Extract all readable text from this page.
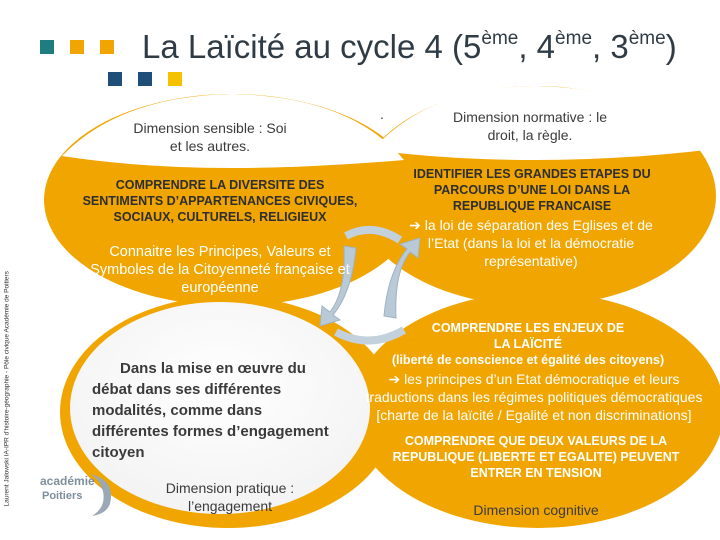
La Laïcité au cycle 4 (5ème, 4ème, 3ème)
Laurent Jalowski IA-IPR d'histoire-géographie - Pôle civique Académie de Poitiers
Dimension sensible : Soi et les autres.
COMPRENDRE LA DIVERSITE DES SENTIMENTS D’APPARTENANCES CIVIQUES, SOCIAUX, CULTURELS, RELIGIEUX
Connaitre les Principes, Valeurs et Symboles de la Citoyenneté française et européenne
.	Dimension normative : le droit, la règle.
IDENTIFIER LES GRANDES ETAPES DU PARCOURS D’UNE LOI DANS LA REPUBLIQUE FRANCAISE
➔ la loi de séparation des Eglises et de l’Etat (dans la loi et la démocratie représentative)
Dans la mise en œuvre du débat dans ses différentes modalités, comme dans différentes formes d’engagement citoyen
Dimension pratique : l’engagement
COMPRENDRE LES ENJEUX DE LA LAÏCITÉ
(liberté de conscience et égalité des citoyens)
➔ les principes d’un Etat démocratique et leurs traductions dans les régimes politiques démocratiques [charte de la laïcité / Egalité et non discriminations]
COMPRENDRE QUE DEUX VALEURS DE LA REPUBLIQUE (LIBERTE ET EGALITE) PEUVENT ENTRER EN TENSION
Dimension cognitive
académie
Poitiers
